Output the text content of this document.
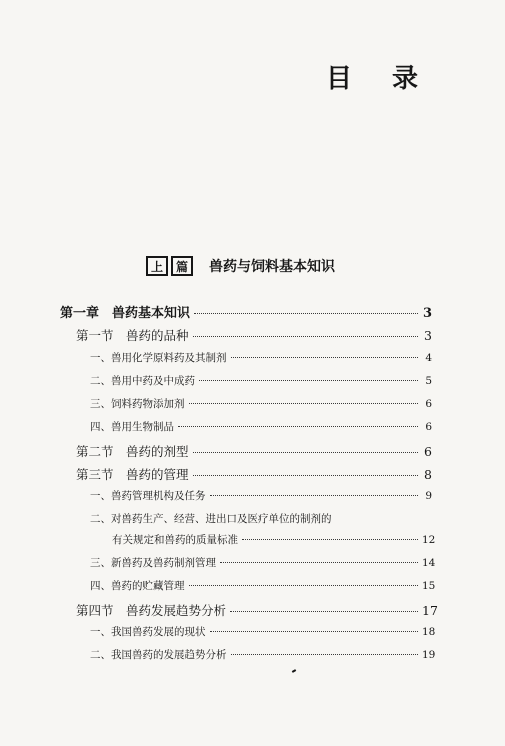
目 录
上	篇	兽药与饲料基本知识
第一章　兽药基本知识	3
第一节　兽药的品种	3
一、兽用化学原料药及其制剂	4
二、兽用中药及中成药	5
三、饲料药物添加剂	6
四、兽用生物制品	6
第二节　兽药的剂型	6
第三节　兽药的管理	8
一、兽药管理机构及任务	9
二、对兽药生产、经营、进出口及医疗单位的制剂的
有关规定和兽药的质量标准	12
三、新兽药及兽药制剂管理	14
四、兽药的贮藏管理	15
第四节　兽药发展趋势分析	17
一、我国兽药发展的现状	18
二、我国兽药的发展趋势分析	19
